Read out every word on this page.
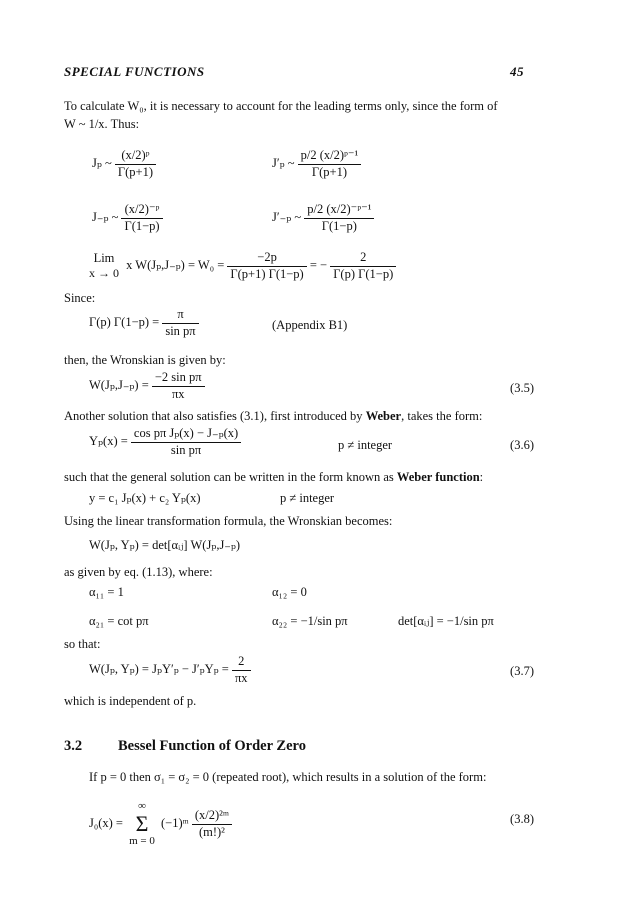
SPECIAL FUNCTIONS	45
To calculate W₀, it is necessary to account for the leading terms only, since the form of
W ~ 1/x. Thus:
Jₚ ~ $\frac{\text{(x/2)ᵖ}}{\Gamma(p+1)}$	J′ₚ ~ $\frac{\text{p/2 (x/2)ᵖ⁻¹}}{\Gamma(p+1)}$
J₋ₚ ~ $\frac{\text{(x/2)⁻ᵖ}}{\Gamma(1-p)}$	J′₋ₚ ~ $\frac{\text{p/2 (x/2)⁻ᵖ⁻¹}}{\Gamma(1-p)}$
Lim
x → 0
x $W(J_p,J_{-p}) = W_0 = \frac{-2p}{\Gamma(p+1) \Gamma(1-p)}$ = − $\frac{2}{\Gamma(p) \Gamma(1-p)}$
Since:
Γ(p) $\Gamma(1-p) = \frac{\pi}{\text{sin pπ}}$	(Appendix B1)
then, the Wronskian is given by:
$W(J_p,J_{-p}) = \frac{\text{−2 sin pπ}}{\pi x}$	(3.5)
Another solution that also satisfies (3.1), first introduced by Weber, takes the form:
$Y_p(x) = \frac{\text{cos pπ Jₚ(x) − J₋ₚ(x)}}{\text{sin pπ}}$	p ≠ integer	(3.6)
such that the general solution can be written in the form known as Weber function:
y = c₁ Jₚ(x) + c₂ Yₚ(x)	p ≠ integer
Using the linear transformation formula, the Wronskian becomes:
W(Jₚ, Yₚ) = det[αᵢⱼ] W(Jₚ,J₋ₚ)
as given by eq. (1.13), where:
α₁₁ = 1	α₁₂ = 0
α₂₁ = cot pπ	α₂₂ = −1/sin pπ	det[αᵢⱼ] = −1/sin pπ
so that:
W(Jₚ, $Y_p) = J_pY'_p - J'_pY_p = \frac{2}{\pi x}$	(3.7)
which is independent of p.
3.2 Bessel Function of Order Zero
If p = 0 then σ₁ = σ₂ = 0 (repeated root), which results in a solution of the form:
J₀(x) =
∞
Σ
m = 0
(−1)ᵐ $\frac{\text{(x/2)²ᵐ}}{\text{(m!)²}}$	(3.8)
